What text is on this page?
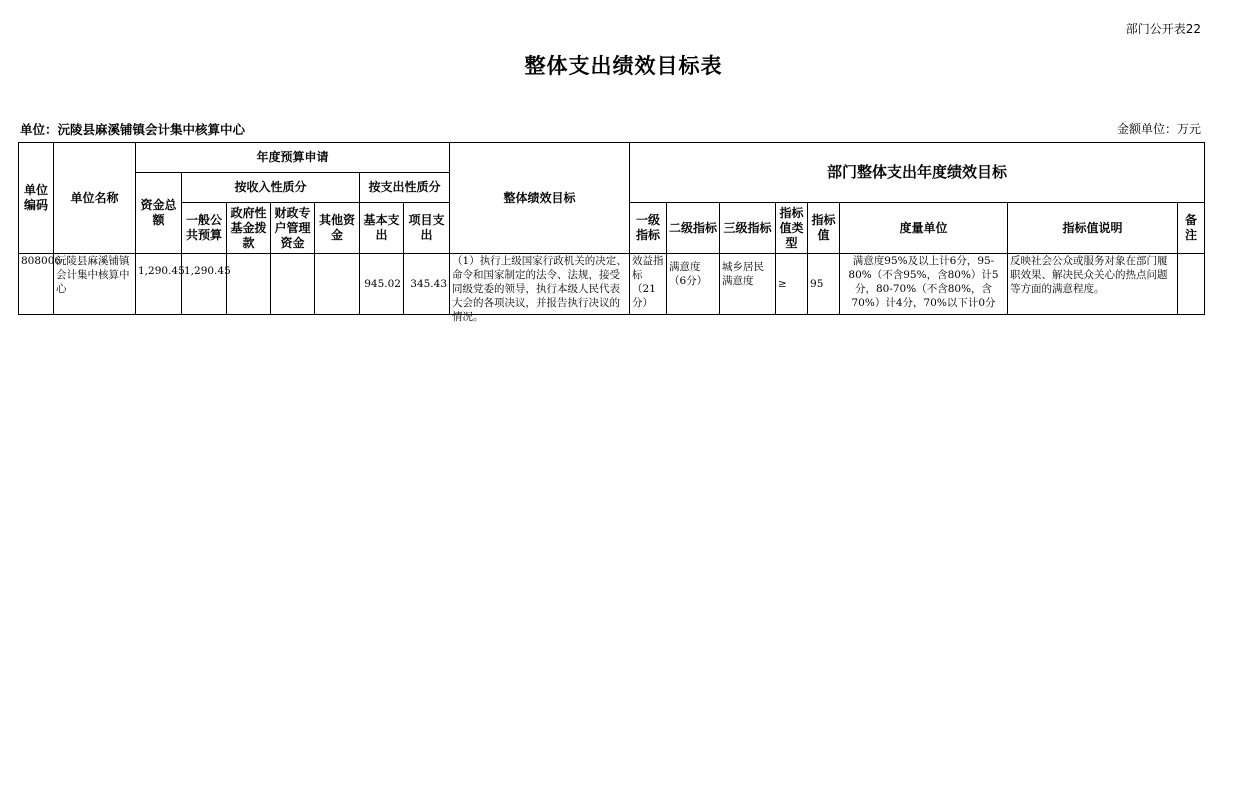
部门公开表22
整体支出绩效目标表
单位：沅陵县麻溪铺镇会计集中核算中心	金额单位：万元
单位编码	单位名称	年度预算申请							整体绩效目标	部门整体支出年度绩效目标							
		资金总额	按收入性质分				按支出性质分										
			一般公共预算	政府性基金拨款	财政专户管理资金	其他资金	基本支出	项目支出		一级指标	二级指标	三级指标	指标值类型	指标值	度量单位	指标值说明	备注

808006	沅陵县麻溪铺镇会计集中核算中心	1,290.45	1,290.45				945.02	345.43	（1）执行上级国家行政机关的决定、命令和国家制定的法令、法规，接受同级党委的领导，执行本级人民代表大会的各项决议，并报告执行决议的情况。	效益指标（21分）	满意度（6分）	城乡居民满意度	≥	95	满意度95%及以上计6分，95-80%（不含95%，含80%）计5分，80-70%（不含80%，含70%）计4分，70%以下计0分	反映社会公众或服务对象在部门履职效果、解决民众关心的热点问题等方面的满意程度。	
